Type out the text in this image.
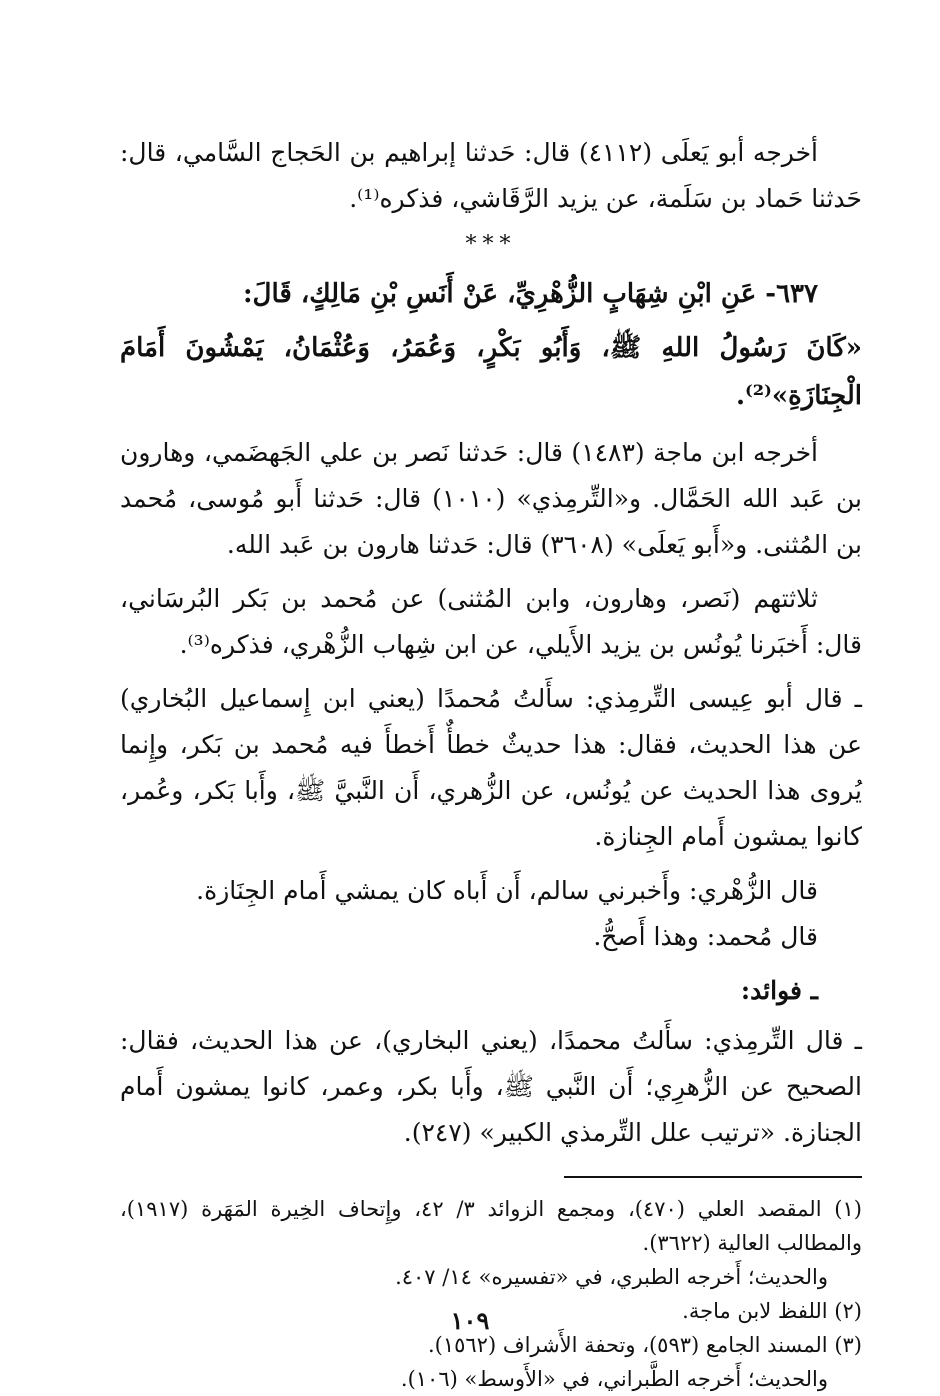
أخرجه أبو يَعلَى (٤١١٢) قال: حَدثنا إبراهيم بن الحَجاج السَّامي، قال: حَدثنا حَماد بن سَلَمة، عن يزيد الرَّقَاشي، فذكره⁽¹⁾.

***

٦٣٧- عَنِ ابْنِ شِهَابٍ الزُّهْرِيِّ، عَنْ أَنَسِ بْنِ مَالِكٍ، قَالَ:

«كَانَ رَسُولُ اللهِ ﷺ، وَأَبُو بَكْرٍ، وَعُمَرُ، وَعُثْمَانُ، يَمْشُونَ أَمَامَ الْجِنَازَةِ»⁽²⁾.

أخرجه ابن ماجة (١٤٨٣) قال: حَدثنا نَصر بن علي الجَهضَمي، وهارون بن عَبد الله الحَمَّال. و«التِّرمِذي» (١٠١٠) قال: حَدثنا أَبو مُوسى، مُحمد بن المُثنى. و«أَبو يَعلَى» (٣٦٠٨) قال: حَدثنا هارون بن عَبد الله.

ثلاثتهم (نَصر، وهارون، وابن المُثنى) عن مُحمد بن بَكر البُرسَاني، قال: أَخبَرنا يُونُس بن يزيد الأَيلي، عن ابن شِهاب الزُّهْري، فذكره⁽³⁾.

ـ قال أبو عِيسى التِّرمِذي: سأَلتُ مُحمدًا (يعني ابن إِسماعيل البُخاري) عن هذا الحديث، فقال: هذا حديثٌ خطأٌ أَخطأَ فيه مُحمد بن بَكر، وإِنما يُروى هذا الحديث عن يُونُس، عن الزُّهري، أَن النَّبيَّ ﷺ، وأَبا بَكر، وعُمر، كانوا يمشون أَمام الجِنازة.

قال الزُّهْري: وأَخبرني سالم، أَن أَباه كان يمشي أَمام الجِنَازة.

قال مُحمد: وهذا أَصحُّ.

ـ فوائد:

ـ قال التِّرمِذي: سأَلتُ محمدًا، (يعني البخاري)، عن هذا الحديث، فقال: الصحيح عن الزُّهرِي؛ أَن النَّبي ﷺ، وأَبا بكر، وعمر، كانوا يمشون أَمام الجنازة. «ترتيب علل التِّرمذي الكبير» (٢٤٧).

(١) المقصد العلي (٤٧٠)، ومجمع الزوائد ٣/ ٤٢، وإِتحاف الخِيرة المَهَرة (١٩١٧)، والمطالب العالية (٣٦٢٢).

والحديث؛ أَخرجه الطبري، في «تفسيره» ١٤/ ٤٠٧.

(٢) اللفظ لابن ماجة.

(٣) المسند الجامع (٥٩٣)، وتحفة الأَشراف (١٥٦٢).

والحديث؛ أَخرجه الطَّبراني، في «الأَوسط» (١٠٦).

١٠٩
